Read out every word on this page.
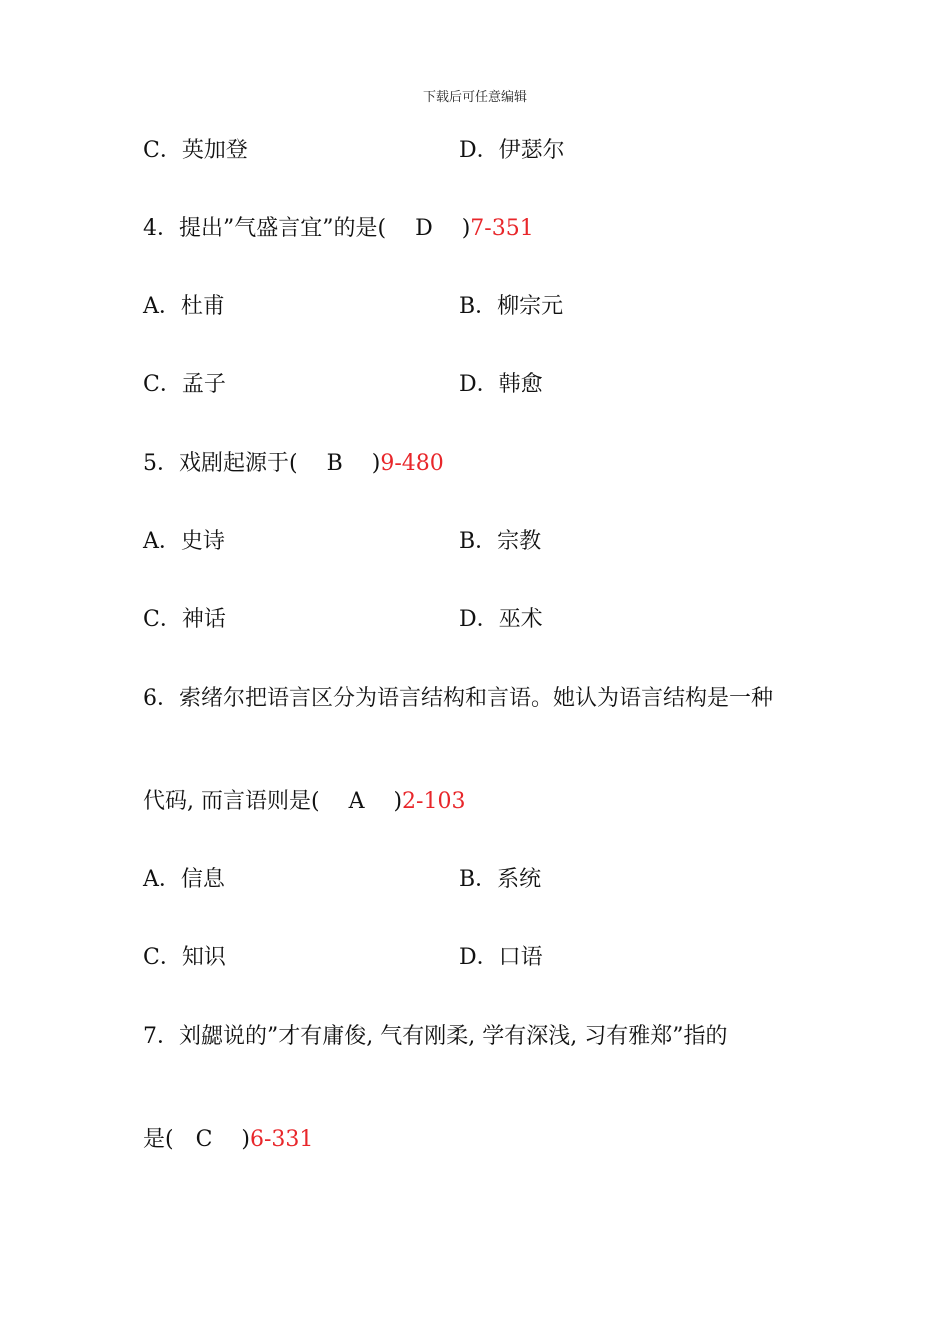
下载后可任意编辑
C．英加登	D．伊瑟尔
4．提出”气盛言宜”的是(　 D 　)7-351
A．杜甫	B．柳宗元
C．孟子	D．韩愈
5．戏剧起源于(　 B 　)9-480
A．史诗	B．宗教
C．神话	D．巫术
6．索绪尔把语言区分为语言结构和言语。她认为语言结构是一种
代码, 而言语则是(　 A 　)2-103
A．信息	B．系统
C．知识	D．口语
7．刘勰说的”才有庸俊, 气有刚柔, 学有深浅, 习有雅郑”指的
是(　C 　)6-331
